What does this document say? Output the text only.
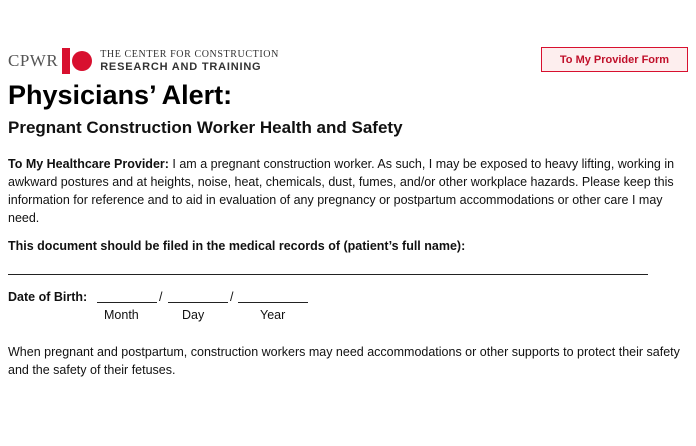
CPWR	THE CENTER FOR CONSTRUCTION
RESEARCH AND TRAINING
To My Provider Form
Physicians’ Alert:
Pregnant Construction Worker Health and Safety

To My Healthcare Provider: I am a pregnant construction worker. As such, I may be exposed to heavy lifting, working in awkward postures and at heights, noise, heat, chemicals, dust, fumes, and/or other workplace hazards. Please keep this information for reference and to aid in evaluation of any pregnancy or postpartum accommodations or other care I may need.

This document should be filed in the medical records of (patient’s full name):

Date of Birth:	/	/
Month	Day	Year

When pregnant and postpartum, construction workers may need accommodations or other supports to protect their safety and the safety of their fetuses.
